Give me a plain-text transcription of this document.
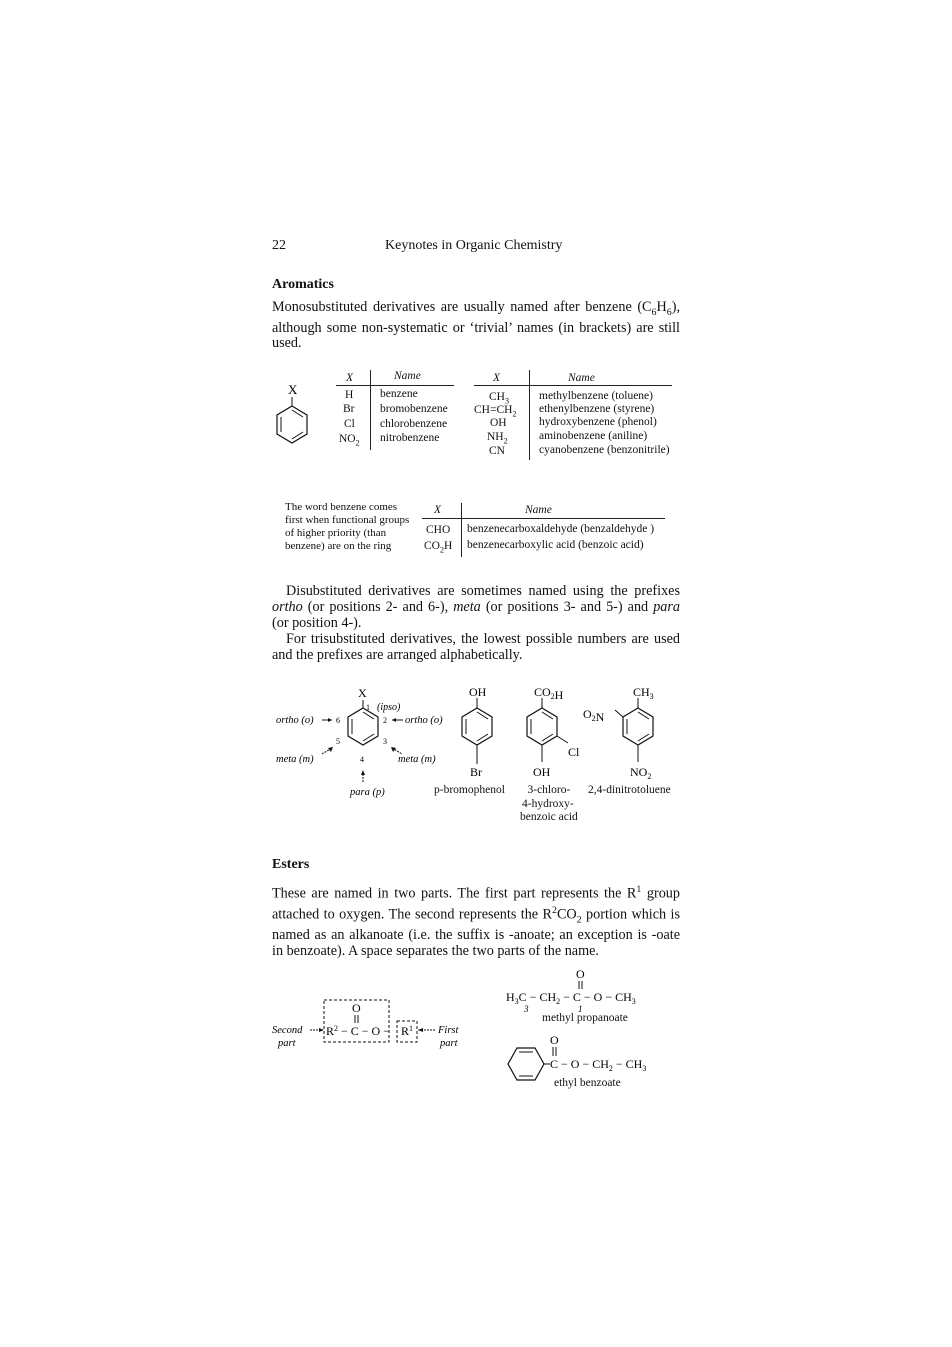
22	Keynotes in Organic Chemistry
Aromatics
Monosubstituted derivatives are usually named after benzene $(C_6H_6)$, although some non-systematic or ‘trivial’ names (in brackets) are still used.
X
X	Name
H benzene
Br bromobenzene
Cl chlorobenzene
$NO_2$ nitrobenzene
X	Name
$CH_3$	methylbenzene (toluene)
$CH=CH_2$ ethenylbenzene (styrene)
OH	hydroxybenzene (phenol)
$NH_2$	aminobenzene (aniline)
CN	cyanobenzene (benzonitrile)
The word benzene comes first when functional groups of higher priority (than benzene) are on the ring
X	Name
CHO benzenecarboxaldehyde (benzaldehyde )
$CO_2H$ benzenecarboxylic acid (benzoic acid)
Disubstituted derivatives are sometimes named using the prefixes ortho (or positions 2- and 6-), meta (or positions 3- and 5-) and para (or position 4-).
For trisubstituted derivatives, the lowest possible numbers are used and the prefixes are arranged alphabetically.
X
1 (ipso)
6	2
5	3
4
ortho (o)	ortho (o)
meta (m)	meta (m)
para (p)
OH
Br
p-bromophenol
$CO_2H$
Cl
OH
3-chloro-
4-hydroxy-
benzoic acid
$CH_3$
$O_2N$
$NO_2$
2,4-dinitrotoluene
Esters
These are named in two parts. The first part represents the $R^1$ group attached to oxygen. The second represents the $R^2CO_2$ portion which is named as an alkanoate (i.e. the suffix is -anoate; an exception is -oate in benzoate). A space separates the two parts of the name.
O
$R^2 - C - O - R^1$
Second
part
First
part
O
$H_3C - CH_2 - C - O - CH_3$
3	1
methyl propanoate
O
$C - O - CH_2 - CH_3$
ethyl benzoate
